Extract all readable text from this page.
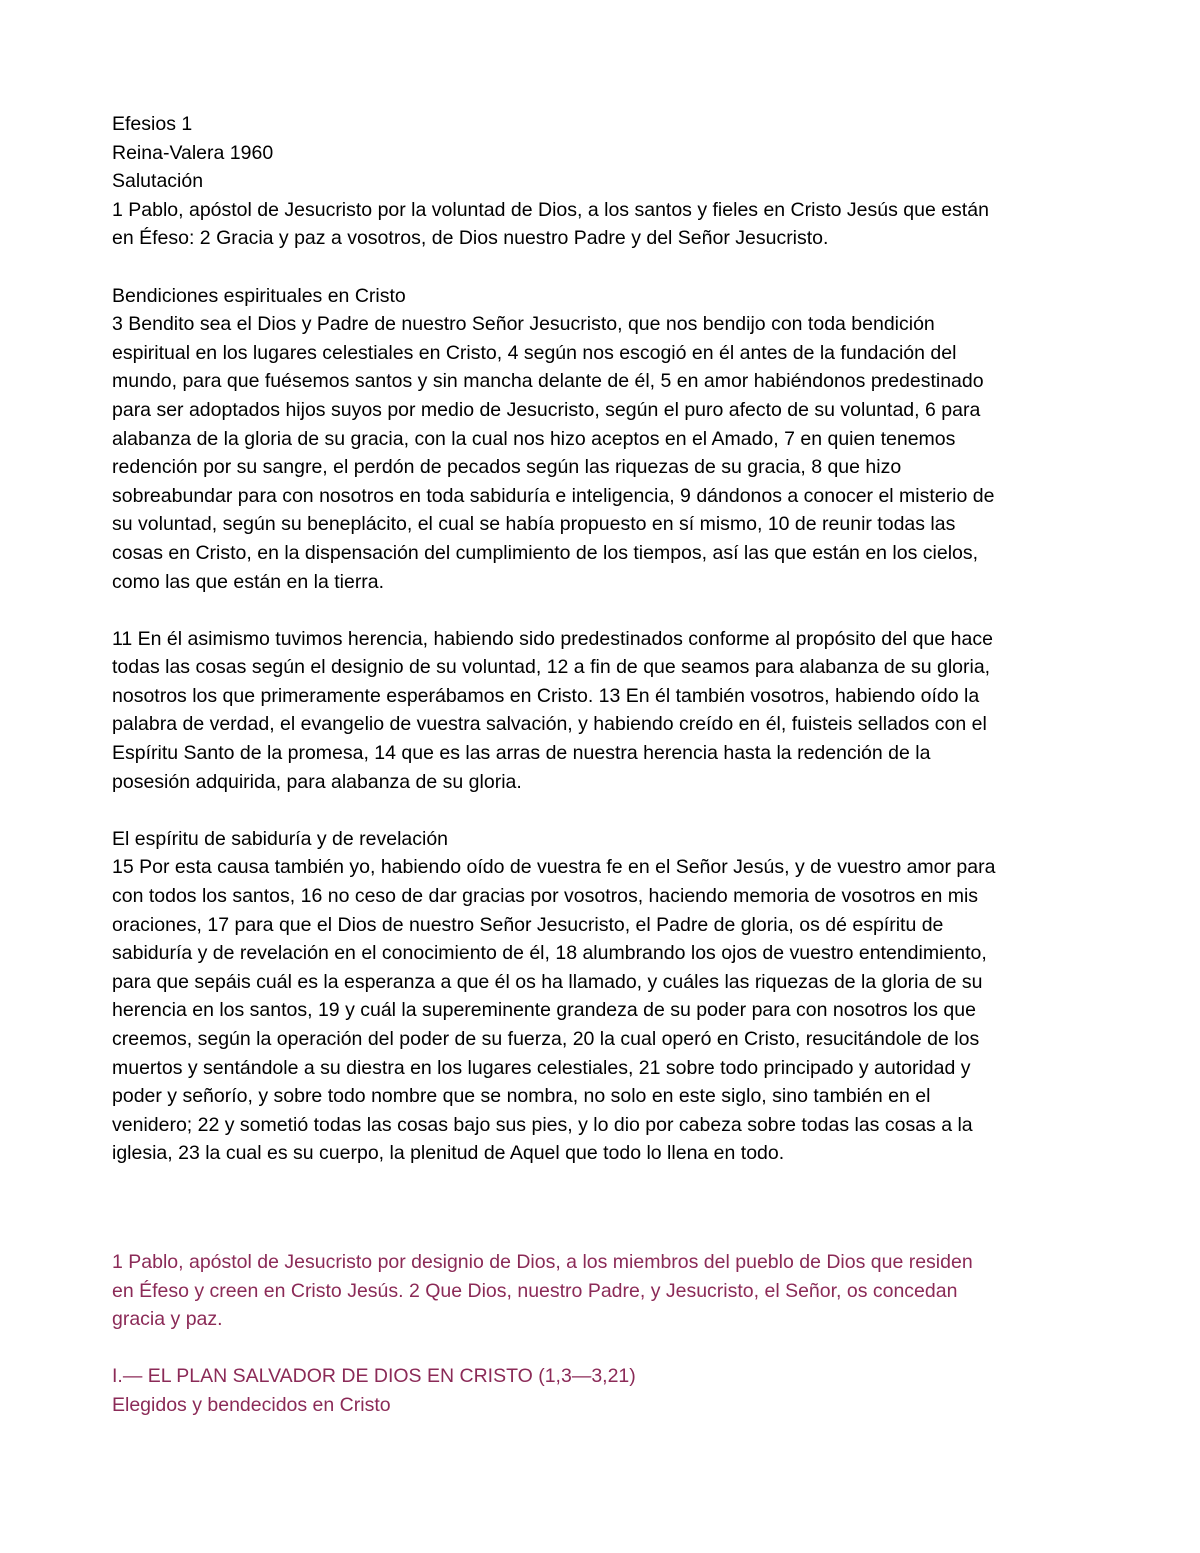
Efesios 1
Reina-Valera 1960
Salutación
1 Pablo, apóstol de Jesucristo por la voluntad de Dios, a los santos y fieles en Cristo Jesús que están
en Éfeso: 2 Gracia y paz a vosotros, de Dios nuestro Padre y del Señor Jesucristo.
Bendiciones espirituales en Cristo
3 Bendito sea el Dios y Padre de nuestro Señor Jesucristo, que nos bendijo con toda bendición
espiritual en los lugares celestiales en Cristo, 4 según nos escogió en él antes de la fundación del
mundo, para que fuésemos santos y sin mancha delante de él, 5 en amor habiéndonos predestinado
para ser adoptados hijos suyos por medio de Jesucristo, según el puro afecto de su voluntad, 6 para
alabanza de la gloria de su gracia, con la cual nos hizo aceptos en el Amado, 7 en quien tenemos
redención por su sangre, el perdón de pecados según las riquezas de su gracia, 8 que hizo
sobreabundar para con nosotros en toda sabiduría e inteligencia, 9 dándonos a conocer el misterio de
su voluntad, según su beneplácito, el cual se había propuesto en sí mismo, 10 de reunir todas las
cosas en Cristo, en la dispensación del cumplimiento de los tiempos, así las que están en los cielos,
como las que están en la tierra.
11 En él asimismo tuvimos herencia, habiendo sido predestinados conforme al propósito del que hace
todas las cosas según el designio de su voluntad, 12 a fin de que seamos para alabanza de su gloria,
nosotros los que primeramente esperábamos en Cristo. 13 En él también vosotros, habiendo oído la
palabra de verdad, el evangelio de vuestra salvación, y habiendo creído en él, fuisteis sellados con el
Espíritu Santo de la promesa, 14 que es las arras de nuestra herencia hasta la redención de la
posesión adquirida, para alabanza de su gloria.
El espíritu de sabiduría y de revelación
15 Por esta causa también yo, habiendo oído de vuestra fe en el Señor Jesús, y de vuestro amor para
con todos los santos, 16 no ceso de dar gracias por vosotros, haciendo memoria de vosotros en mis
oraciones, 17 para que el Dios de nuestro Señor Jesucristo, el Padre de gloria, os dé espíritu de
sabiduría y de revelación en el conocimiento de él, 18 alumbrando los ojos de vuestro entendimiento,
para que sepáis cuál es la esperanza a que él os ha llamado, y cuáles las riquezas de la gloria de su
herencia en los santos, 19 y cuál la supereminente grandeza de su poder para con nosotros los que
creemos, según la operación del poder de su fuerza, 20 la cual operó en Cristo, resucitándole de los
muertos y sentándole a su diestra en los lugares celestiales, 21 sobre todo principado y autoridad y
poder y señorío, y sobre todo nombre que se nombra, no solo en este siglo, sino también en el
venidero; 22 y sometió todas las cosas bajo sus pies, y lo dio por cabeza sobre todas las cosas a la
iglesia, 23 la cual es su cuerpo, la plenitud de Aquel que todo lo llena en todo.
1 Pablo, apóstol de Jesucristo por designio de Dios, a los miembros del pueblo de Dios que residen
en Éfeso y creen en Cristo Jesús. 2 Que Dios, nuestro Padre, y Jesucristo, el Señor, os concedan
gracia y paz.
I.— EL PLAN SALVADOR DE DIOS EN CRISTO (1,3—3,21)
Elegidos y bendecidos en Cristo
